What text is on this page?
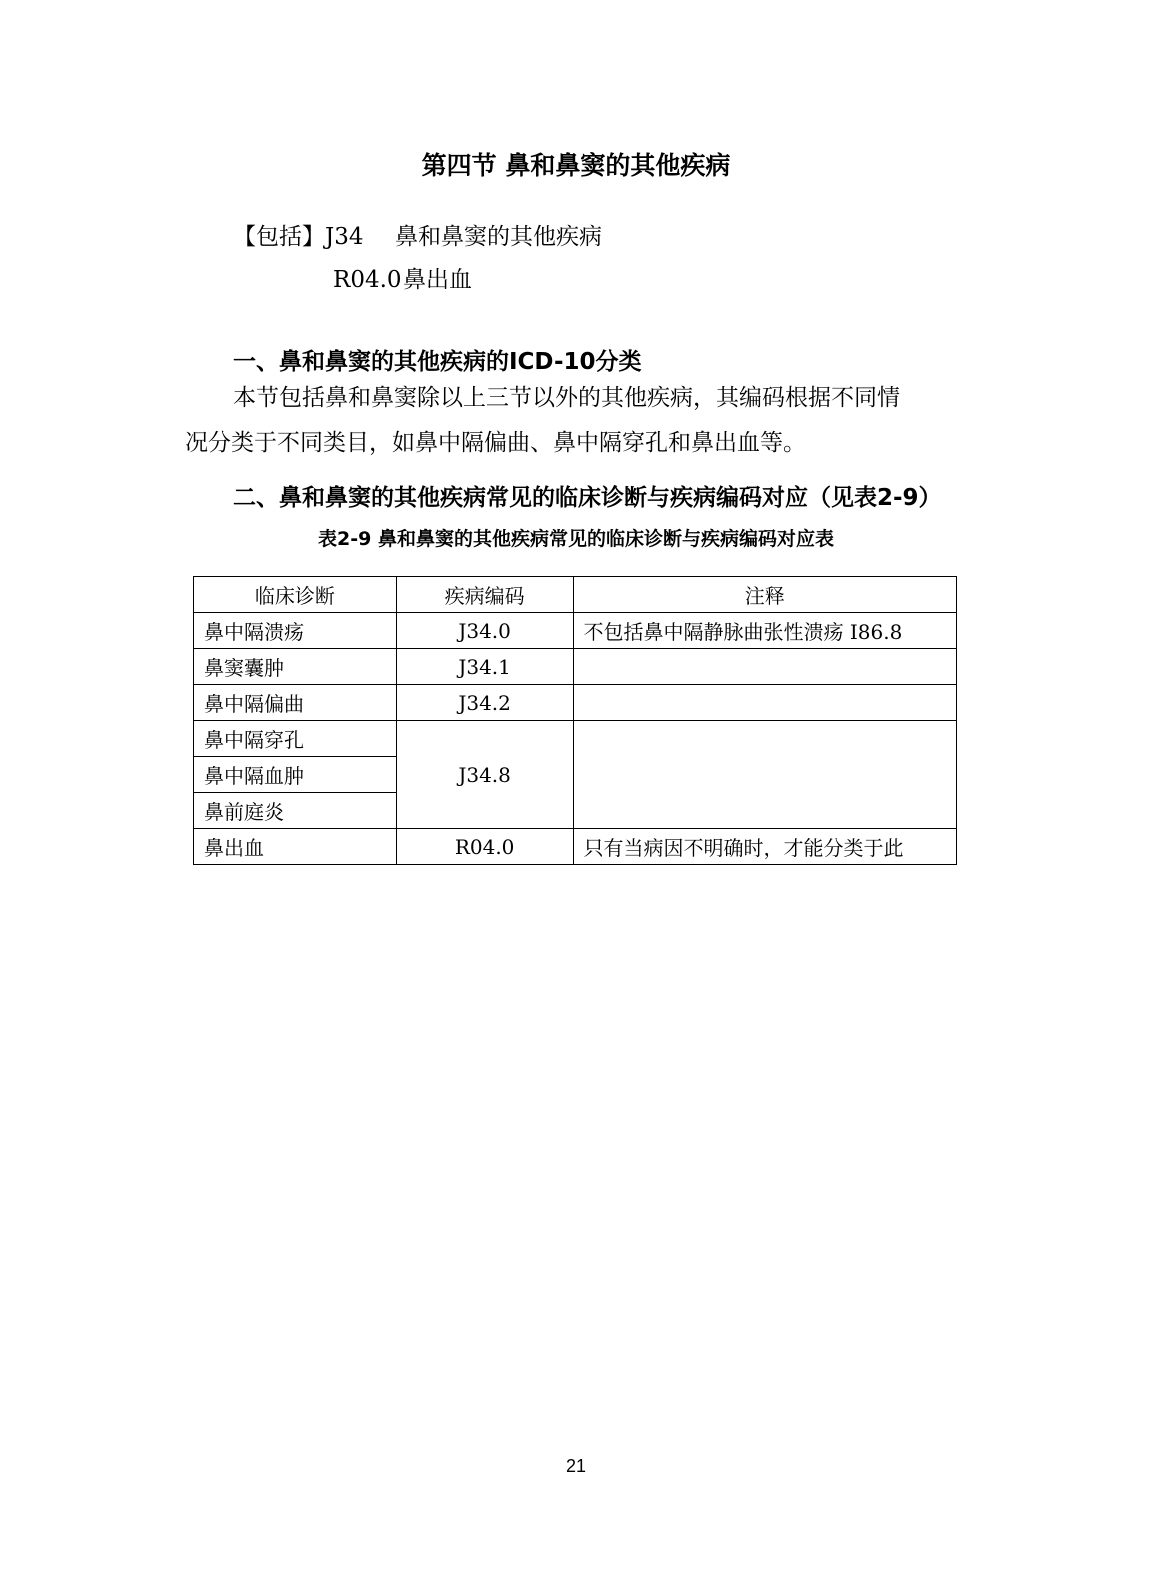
第四节 鼻和鼻窦的其他疾病
【包括】J34 鼻和鼻窦的其他疾病
R04.0鼻出血
一、鼻和鼻窦的其他疾病的ICD-10分类
本节包括鼻和鼻窦除以上三节以外的其他疾病，其编码根据不同情
况分类于不同类目，如鼻中隔偏曲、鼻中隔穿孔和鼻出血等。
二、鼻和鼻窦的其他疾病常见的临床诊断与疾病编码对应（见表2-9）
表2-9 鼻和鼻窦的其他疾病常见的临床诊断与疾病编码对应表
临床诊断	疾病编码	注释
鼻中隔溃疡	J34.0	不包括鼻中隔静脉曲张性溃疡 I86.8
鼻窦囊肿	J34.1	
鼻中隔偏曲	J34.2	
鼻中隔穿孔	J34.8	
鼻中隔血肿		
鼻前庭炎		
鼻出血	R04.0	只有当病因不明确时，才能分类于此
21
